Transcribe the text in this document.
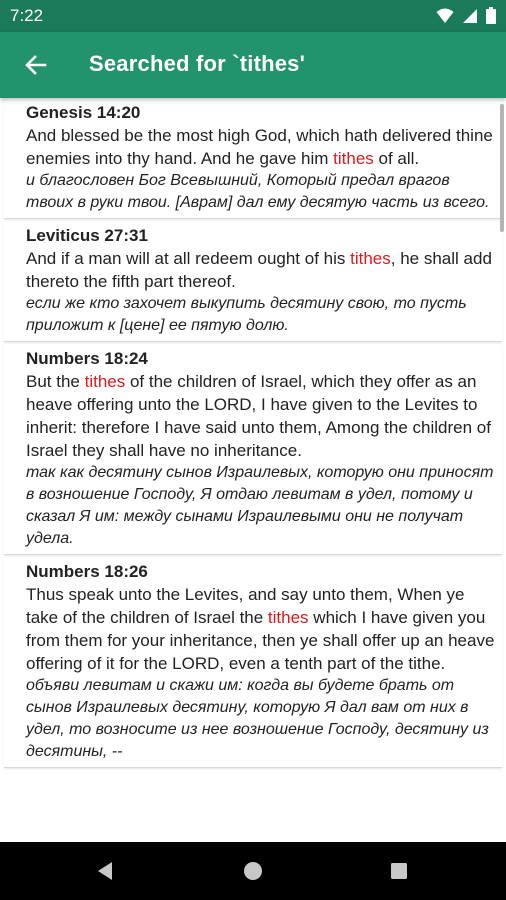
7:22
Searched for `tithes'
Genesis 14:20
And blessed be the most high God, which hath delivered thine enemies into thy hand. And he gave him tithes of all.
и благословен Бог Всевышний, Который предал врагов твоих в руки твои. [Аврам] дал ему десятую часть из всего.
Leviticus 27:31
And if a man will at all redeem ought of his tithes, he shall add thereto the fifth part thereof.
если же кто захочет выкупить десятину свою, то пусть приложит к [цене] ее пятую долю.
Numbers 18:24
But the tithes of the children of Israel, which they offer as an heave offering unto the LORD, I have given to the Levites to inherit: therefore I have said unto them, Among the children of Israel they shall have no inheritance.
так как десятину сынов Израилевых, которую они приносят в возношение Господу, Я отдаю левитам в удел, потому и сказал Я им: между сынами Израилевыми они не получат удела.
Numbers 18:26
Thus speak unto the Levites, and say unto them, When ye take of the children of Israel the tithes which I have given you from them for your inheritance, then ye shall offer up an heave offering of it for the LORD, even a tenth part of the tithe.
объяви левитам и скажи им: когда вы будете брать от сынов Израилевых десятину, которую Я дал вам от них в удел, то возносите из нее возношение Господу, десятину из десятины, --
